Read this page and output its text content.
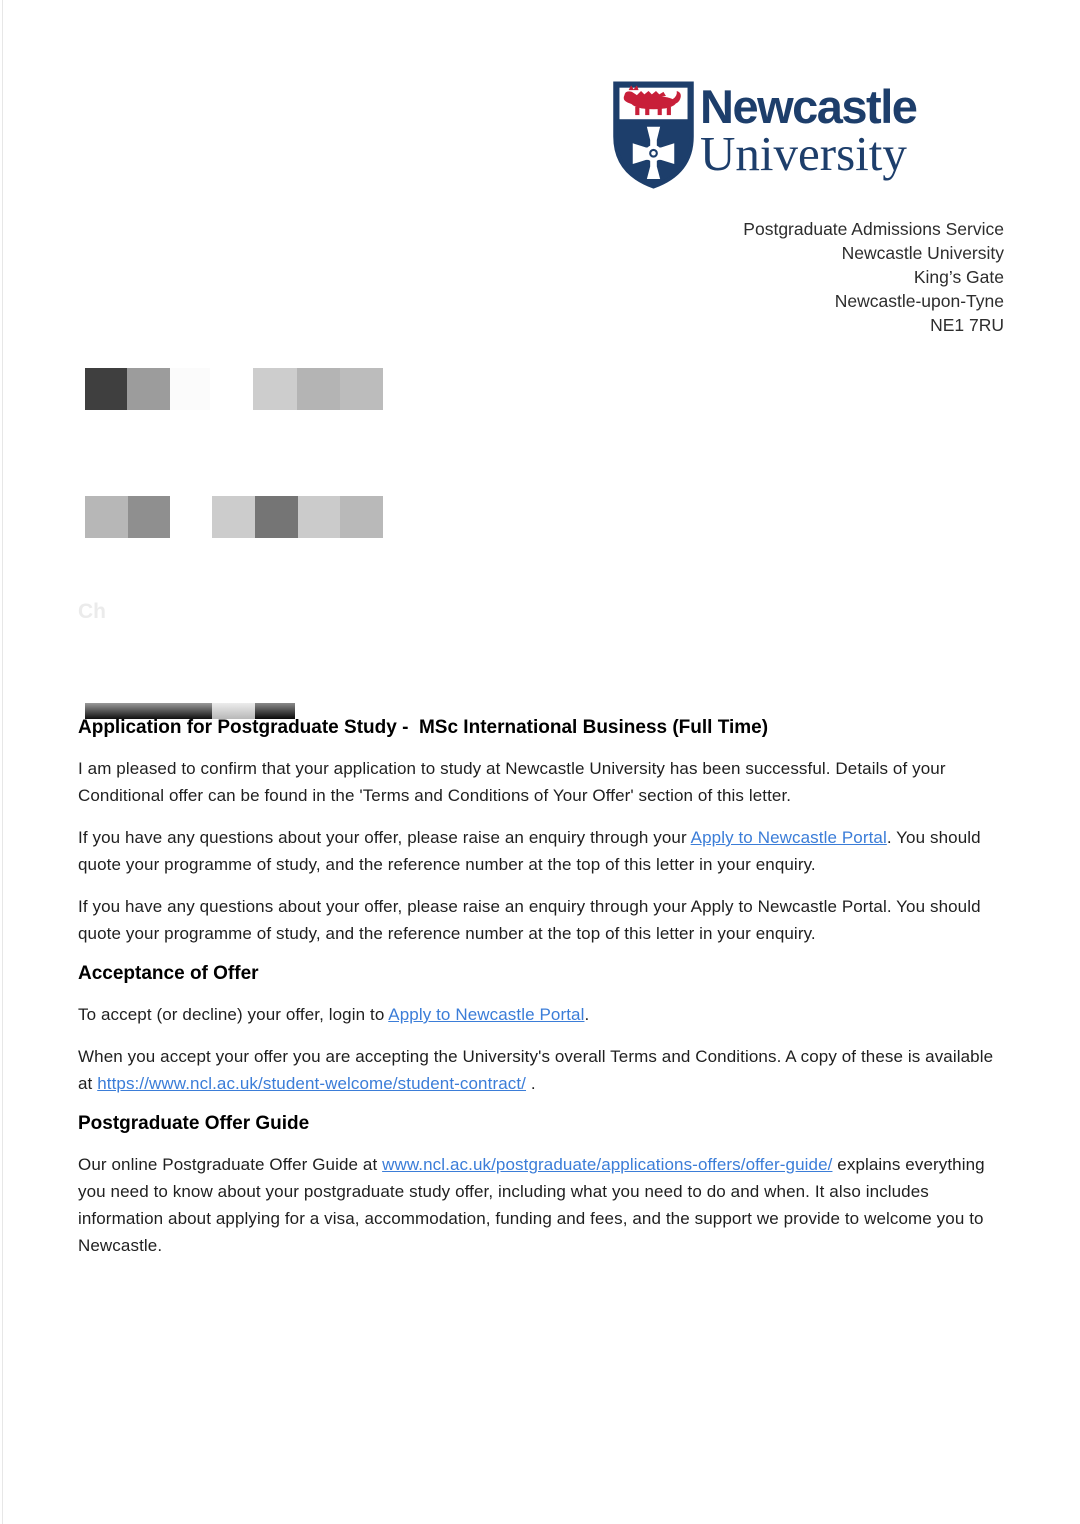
Newcastle
University
Postgraduate Admissions Service
Newcastle University
King’s Gate
Newcastle-upon-Tyne
NE1 7RU
Ch
Application for Postgraduate Study -  MSc International Business (Full Time)

I am pleased to confirm that your application to study at Newcastle University has been successful. Details of your Conditional offer can be found in the 'Terms and Conditions of Your Offer' section of this letter.

If you have any questions about your offer, please raise an enquiry through your Apply to Newcastle Portal. You should quote your programme of study, and the reference number at the top of this letter in your enquiry.

If you have any questions about your offer, please raise an enquiry through your Apply to Newcastle Portal. You should quote your programme of study, and the reference number at the top of this letter in your enquiry.

Acceptance of Offer

To accept (or decline) your offer, login to Apply to Newcastle Portal.

When you accept your offer you are accepting the University's overall Terms and Conditions. A copy of these is available at https://www.ncl.ac.uk/student-welcome/student-contract/ .

Postgraduate Offer Guide

Our online Postgraduate Offer Guide at www.ncl.ac.uk/postgraduate/applications-offers/offer-guide/ explains everything you need to know about your postgraduate study offer, including what you need to do and when. It also includes information about applying for a visa, accommodation, funding and fees, and the support we provide to welcome you to Newcastle.
